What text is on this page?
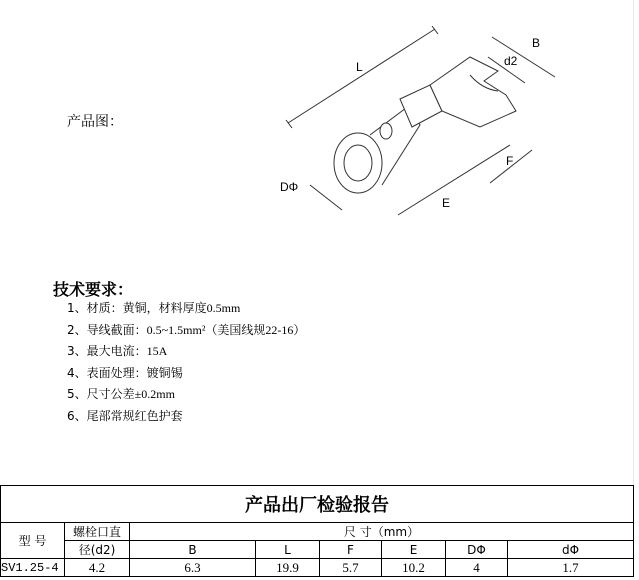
产品图：
L
B
d2
F
E
DΦ
技术要求：
1、材质：黄铜，材料厚度0.5mm
2、导线截面：0.5~1.5mm²（美国线规22-16）
3、最大电流：15A
4、表面处理：镀铜锡
5、尺寸公差±0.2mm
6、尾部常规红色护套
产品出厂检验报告							
型 号	螺栓口直	尺 寸（mm）					
	径(d2)	B	L	F	E	DΦ	dΦ
SV1.25-4	4.2	6.3	19.9	5.7	10.2	4	1.7
